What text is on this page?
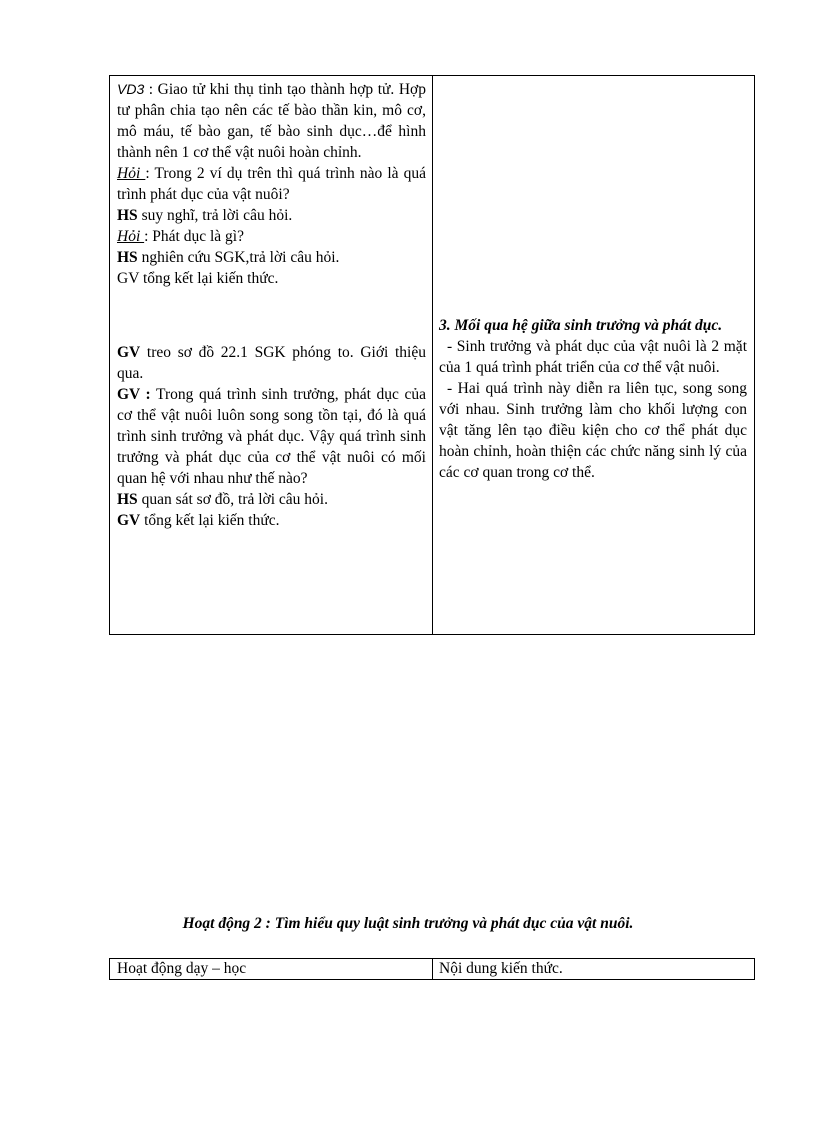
VD3 : Giao tử khi thụ tinh tạo thành hợp tử. Hợp tư phân chia tạo nên các tế bào thần kin, mô cơ, mô máu, tế bào gan, tế bào sinh dục…để hình thành nên 1 cơ thể vật nuôi hoàn chỉnh.

Hỏi : Trong 2 ví dụ trên thì quá trình nào là quá trình phát dục của vật nuôi?

HS suy nghĩ, trả lời câu hỏi.

Hỏi : Phát dục là gì?

HS nghiên cứu SGK,trả lời câu hỏi.

GV tổng kết lại kiến thức.

GV treo sơ đồ 22.1 SGK phóng to. Giới thiệu qua.

GV : Trong quá trình sinh trưởng, phát dục của cơ thể vật nuôi luôn song song tồn tại, đó là quá trình sinh trưởng và phát dục. Vậy quá trình sinh trưởng và phát dục của cơ thể vật nuôi có mối quan hệ với nhau như thế nào?

HS quan sát sơ đồ, trả lời câu hỏi.

GV tổng kết lại kiến thức.

3. Mối qua hệ giữa sinh trưởng và phát dục.

- Sinh trưởng và phát dục của vật nuôi là 2 mặt của 1 quá trình phát triển của cơ thể vật nuôi.

- Hai quá trình này diễn ra liên tục, song song với nhau. Sinh trưởng làm cho khối lượng con vật tăng lên tạo điều kiện cho cơ thể phát dục hoàn chỉnh, hoàn thiện các chức năng sinh lý của các cơ quan trong cơ thể.

Hoạt động 2 : Tìm hiểu quy luật sinh trưởng và phát dục của vật nuôi.
Hoạt động dạy – học	Nội dung kiến thức.
